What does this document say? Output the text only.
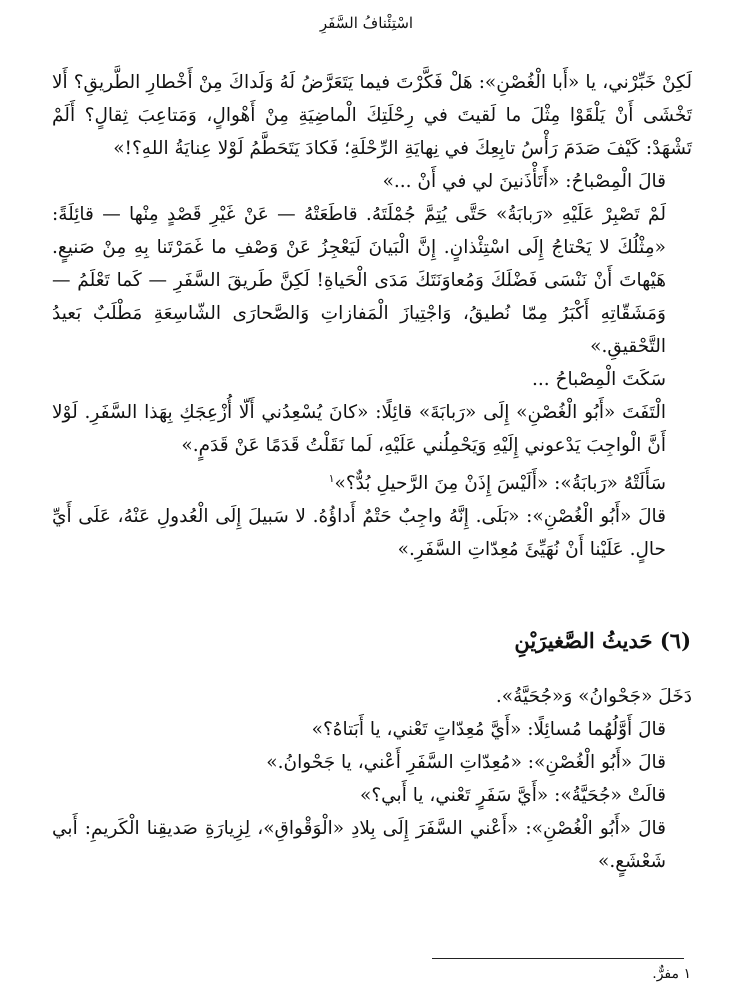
اسْتِئْنافُ السَّفَرِ

لَكِنْ خَبِّرْني، يا «أَبا الْغُصْنِ»: هَلْ فَكَّرْتَ فيما يَتَعَرَّضُ لَهُ وَلَداكَ مِنْ أَخْطارِ الطَّريقِ؟ أَلا تَخْشَى أَنْ يَلْقَوْا مِثْلَ ما لَقيتَ في رِحْلَتِكَ الْماضِيَةِ مِنْ أَهْوالٍ، وَمَتاعِبَ ثِقالٍ؟ أَلَمْ تَشْهَدْ: كَيْفَ صَدَمَ رَأْسُ تابِعِكَ في نِهايَةِ الرِّحْلَةِ؛ فَكادَ يَتَحَطَّمُ لَوْلا عِنايَةُ اللهِ؟!»

قالَ الْمِصْباحُ: «أَتَأْذَنينَ لي في أَنْ ...»

لَمْ تَصْبِرْ عَلَيْهِ «رَبابَةُ» حَتَّى يُتِمَّ جُمْلَتَهُ. قاطَعَتْهُ — عَنْ غَيْرِ قَصْدٍ مِنْها — قائِلَةً: «مِثْلُكَ لا يَحْتاجُ إِلَى اسْتِئْذانٍ. إِنَّ الْبَيانَ لَيَعْجِزُ عَنْ وَصْفِ ما غَمَرْتَنا بِهِ مِنْ صَنيعٍ. هَيْهاتَ أَنْ نَنْسَى فَضْلَكَ وَمُعاوَنَتَكَ مَدَى الْحَياةِ! لَكِنَّ طَريقَ السَّفَرِ — كَما تَعْلَمُ — وَمَشَقّاتِهِ أَكْبَرُ مِمّا نُطيقُ، وَاجْتِيازَ الْمَفازاتِ وَالصَّحارَى الشّاسِعَةِ مَطْلَبٌ بَعيدُ التَّحْقيقِ.»

سَكَتَ الْمِصْباحُ ...

الْتَفَتَ «أَبُو الْغُصْنِ» إِلَى «رَبابَةَ» قائِلًا: «كانَ يُسْعِدُني أَلّا أُزْعِجَكِ بِهَذا السَّفَرِ. لَوْلا أَنَّ الْواجِبَ يَدْعوني إِلَيْهِ وَيَحْمِلُني عَلَيْهِ، لَما نَقَلْتُ قَدَمًا عَنْ قَدَمٍ.»

سَأَلَتْهُ «رَبابَةُ»: «أَلَيْسَ إِذَنْ مِنَ الرَّحيلِ بُدٌّ؟»$^١$

قالَ «أَبُو الْغُصْنِ»: «بَلَى. إِنَّهُ واجِبٌ حَتْمٌ أَداؤُهُ. لا سَبيلَ إِلَى الْعُدولِ عَنْهُ، عَلَى أَيِّ حالٍ. عَلَيْنا أَنْ نُهَيِّئَ مُعِدّاتِ السَّفَرِ.»

(٦) حَديثُ الصَّغيرَيْنِ

دَخَلَ «جَحْوانُ» وَ«جُحَيَّةُ».

قالَ أَوَّلُهُما مُسائِلًا: «أَيَّ مُعِدّاتٍ تَعْني، يا أَبَتاهُ؟»

قالَ «أَبُو الْغُصْنِ»: «مُعِدّاتِ السَّفَرِ أَعْني، يا جَحْوانُ.»

قالَتْ «جُحَيَّةُ»: «أَيَّ سَفَرٍ تَعْني، يا أَبي؟»

قالَ «أَبُو الْغُصْنِ»: «أَعْني السَّفَرَ إِلَى بِلادِ «الْوَقْواقِ»، لِزِيارَةِ صَديقِنا الْكَريمِ: أَبي شَعْشَعٍ.»

١ مفرٌّ.
